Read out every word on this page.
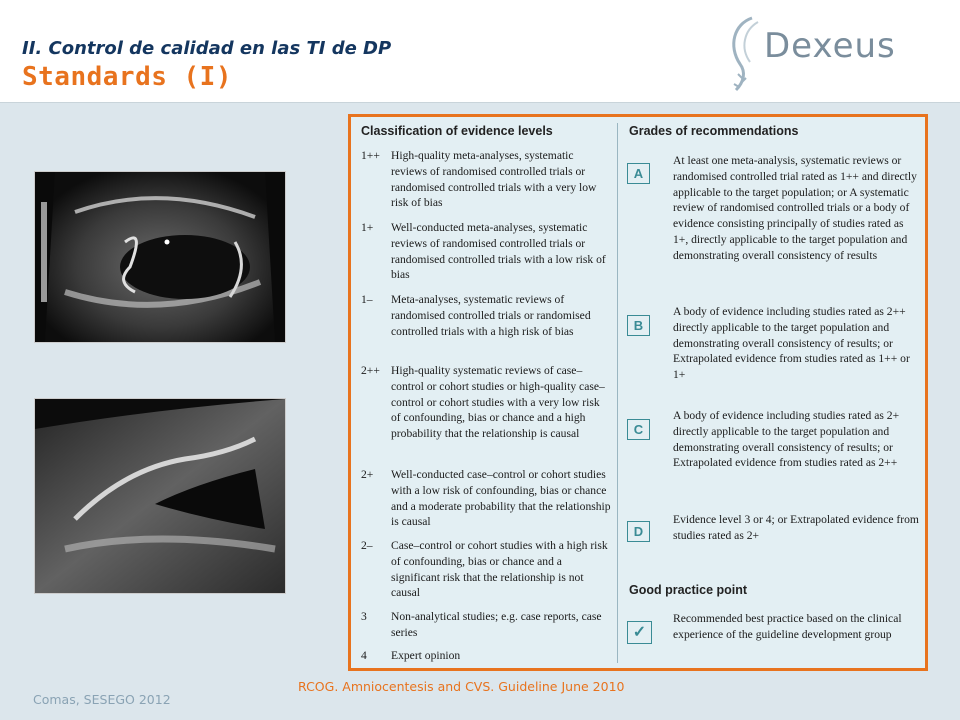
II. Control de calidad en las TI de DP
Standards (I)
Dexeus
Classification of evidence levels	Grades of recommendations
1++ High-quality meta-analyses, systematic reviews of randomised controlled trials or randomised controlled trials with a very low risk of bias
1+	Well-conducted meta-analyses, systematic reviews of randomised controlled trials or randomised controlled trials with a low risk of bias
1–	Meta-analyses, systematic reviews of randomised controlled trials or randomised controlled trials with a high risk of bias
2++ High-quality systematic reviews of case–control or cohort studies or high-quality case–control or cohort studies with a very low risk of confounding, bias or chance and a high probability that the relationship is causal
2+	Well-conducted case–control or cohort studies with a low risk of confounding, bias or chance and a moderate probability that the relationship is causal
2–	Case–control or cohort studies with a high risk of confounding, bias or chance and a significant risk that the relationship is not causal
3	Non-analytical studies; e.g. case reports, case series
4	Expert opinion
A
At least one meta-analysis, systematic reviews or randomised controlled trial rated as 1++ and directly applicable to the target population; or A systematic review of randomised controlled trials or a body of evidence consisting principally of studies rated as 1+, directly applicable to the target population and demonstrating overall consistency of results
B
A body of evidence including studies rated as 2++ directly applicable to the target population and demonstrating overall consistency of results; or Extrapolated evidence from studies rated as 1++ or 1+
C
A body of evidence including studies rated as 2+ directly applicable to the target population and demonstrating overall consistency of results; or Extrapolated evidence from studies rated as 2++
D
Evidence level 3 or 4; or Extrapolated evidence from studies rated as 2+
Good practice point
✓
Recommended best practice based on the clinical experience of the guideline development group
RCOG. Amniocentesis and CVS. Guideline June 2010
Comas, SESEGO 2012
